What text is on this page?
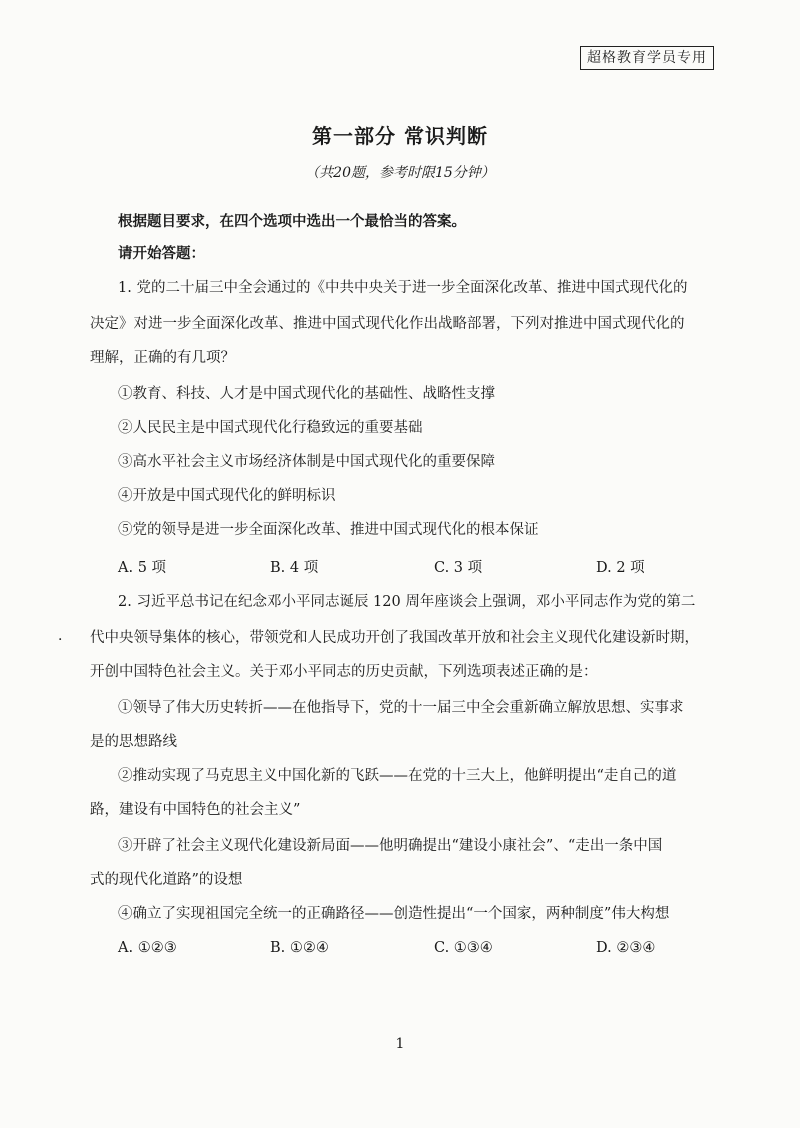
超格教育学员专用
第一部分 常识判断
（共20题，参考时限15分钟）
根据题目要求，在四个选项中选出一个最恰当的答案。
请开始答题：
1. 党的二十届三中全会通过的《中共中央关于进一步全面深化改革、推进中国式现代化的
决定》对进一步全面深化改革、推进中国式现代化作出战略部署，下列对推进中国式现代化的
理解，正确的有几项？
①教育、科技、人才是中国式现代化的基础性、战略性支撑
②人民民主是中国式现代化行稳致远的重要基础
③高水平社会主义市场经济体制是中国式现代化的重要保障
④开放是中国式现代化的鲜明标识
⑤党的领导是进一步全面深化改革、推进中国式现代化的根本保证
A. 5 项	B. 4 项	C. 3 项	D. 2 项
2. 习近平总书记在纪念邓小平同志诞辰 120 周年座谈会上强调，邓小平同志作为党的第二
· 代中央领导集体的核心，带领党和人民成功开创了我国改革开放和社会主义现代化建设新时期，
开创中国特色社会主义。关于邓小平同志的历史贡献，下列选项表述正确的是：
①领导了伟大历史转折——在他指导下，党的十一届三中全会重新确立解放思想、实事求
是的思想路线
②推动实现了马克思主义中国化新的飞跃——在党的十三大上，他鲜明提出“走自己的道
路，建设有中国特色的社会主义”
③开辟了社会主义现代化建设新局面——他明确提出“建设小康社会”、“走出一条中国
式的现代化道路”的设想
④确立了实现祖国完全统一的正确路径——创造性提出“一个国家，两种制度”伟大构想
A. ①②③	B. ①②④	C. ①③④	D. ②③④
1
